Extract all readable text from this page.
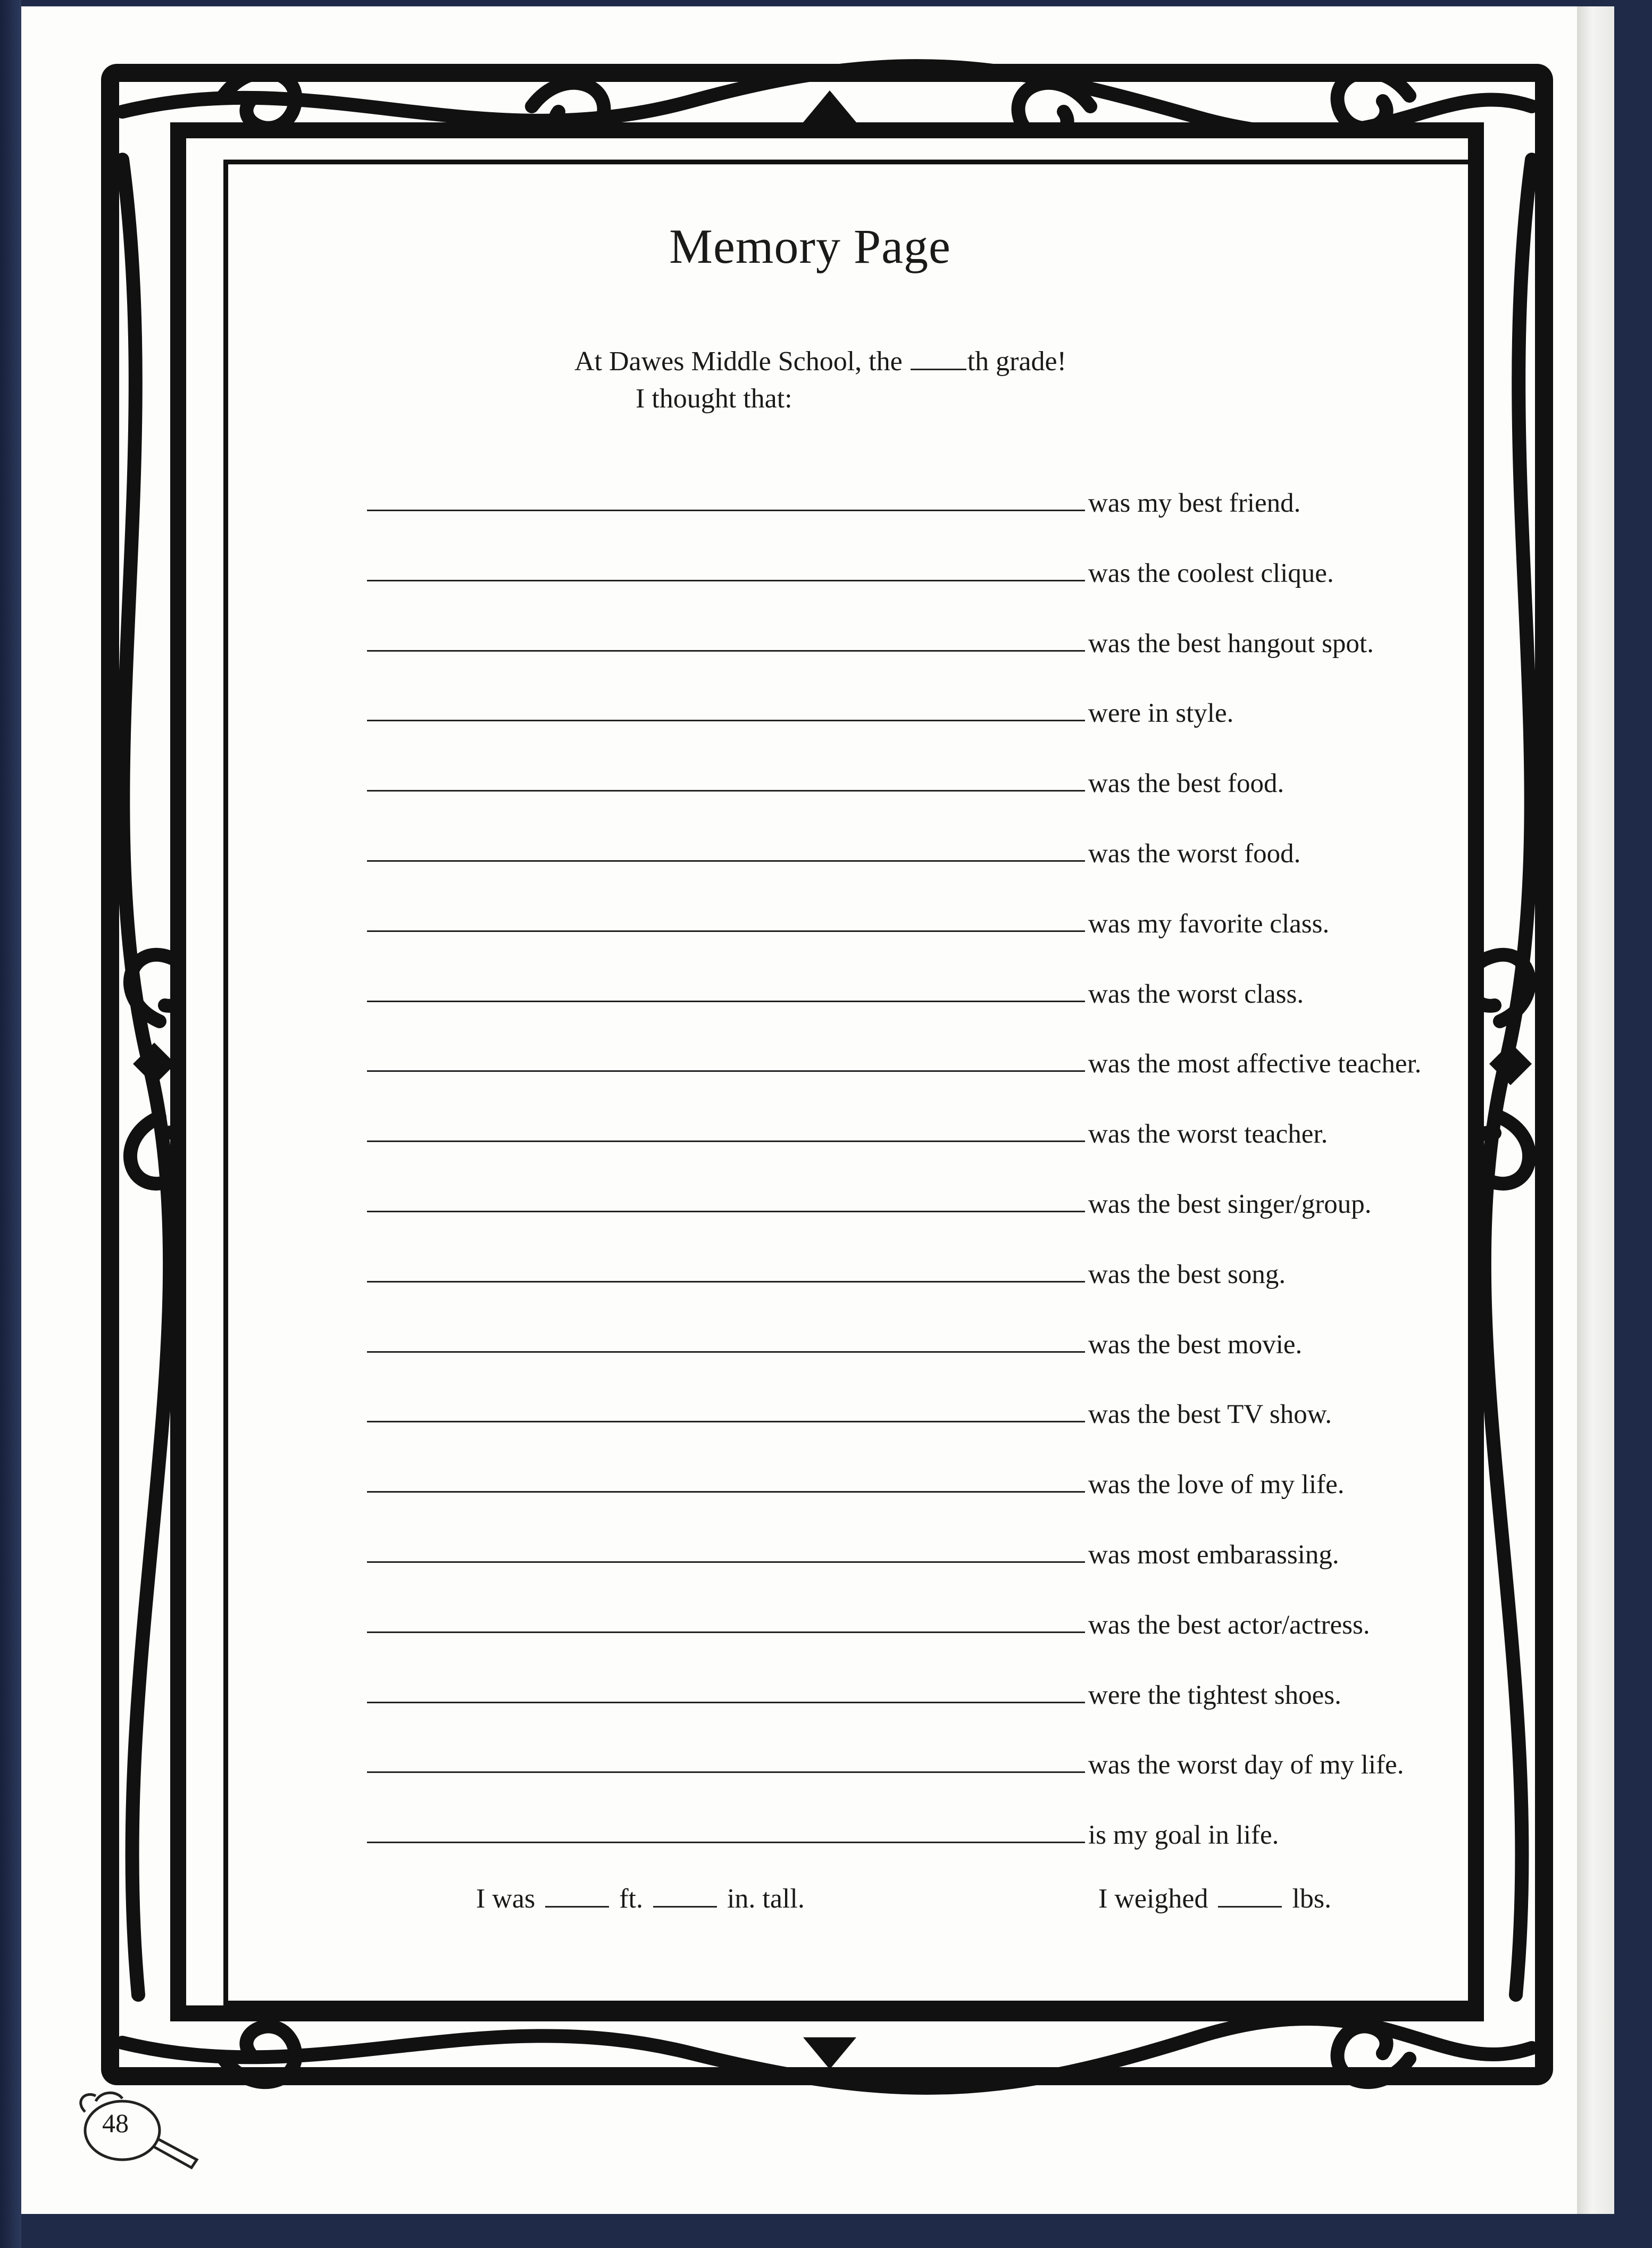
Memory Page
At Dawes Middle School, the th grade!
I thought that:
was my best friend.
was the coolest clique.
was the best hangout spot.
were in style.
was the best food.
was the worst food.
was my favorite class.
was the worst class.
was the most affective teacher.
was the worst teacher.
was the best singer/group.
was the best song.
was the best movie.
was the best TV show.
was the love of my life.
was most embarassing.
was the best actor/actress.
were the tightest shoes.
was the worst day of my life.
is my goal in life.
I was	ft.	in. tall.	I weighed	lbs.
48
